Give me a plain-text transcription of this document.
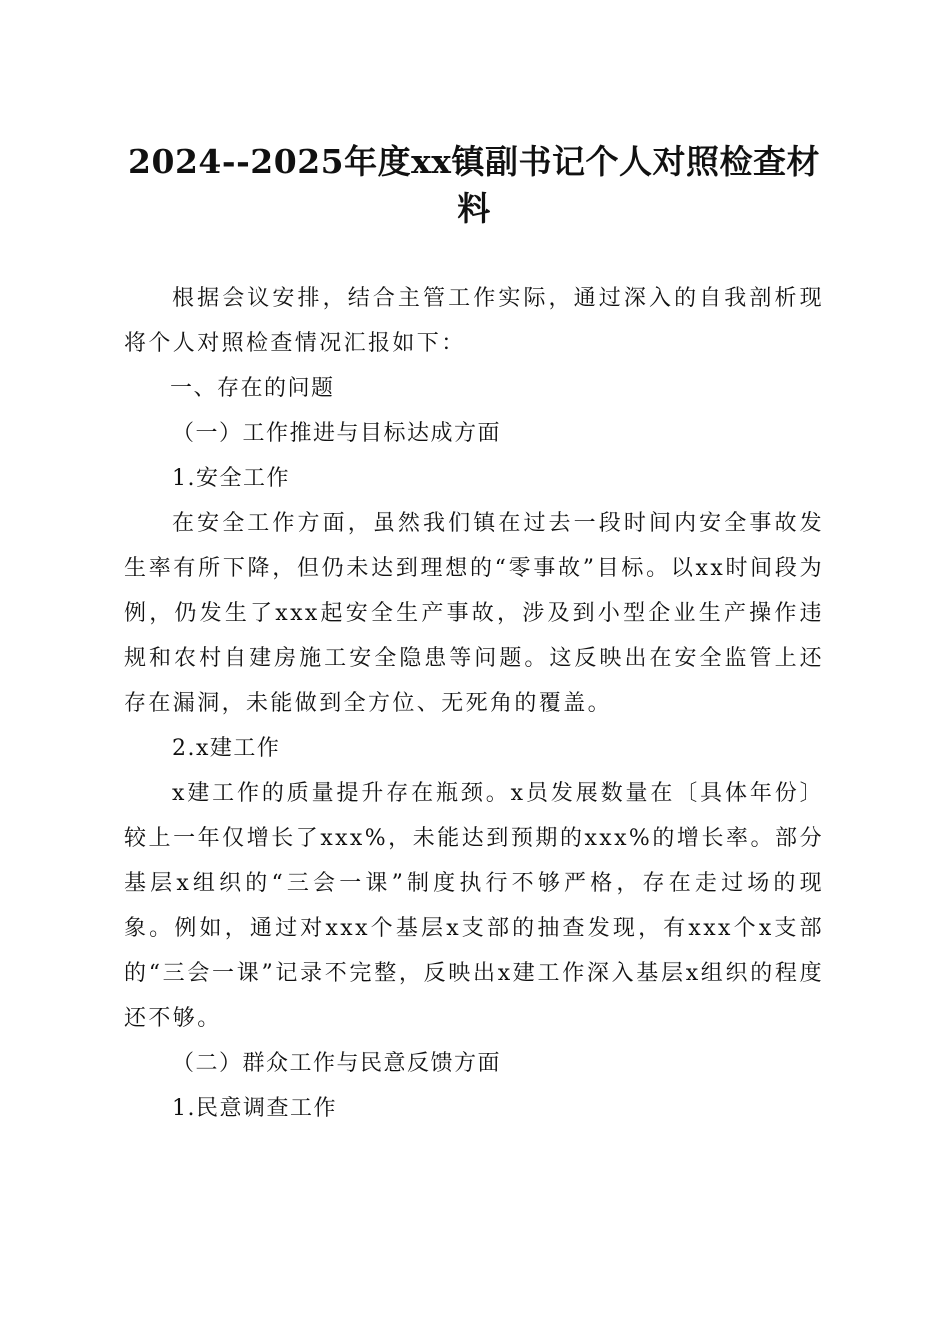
2024--2025年度xx镇副书记个人对照检查材料

根据会议安排，结合主管工作实际，通过深入的自我剖析现将个人对照检查情况汇报如下：

一、存在的问题

（一）工作推进与目标达成方面

1.安全工作

在安全工作方面，虽然我们镇在过去一段时间内安全事故发生率有所下降，但仍未达到理想的“零事故”目标。以xx时间段为例，仍发生了xxx起安全生产事故，涉及到小型企业生产操作违规和农村自建房施工安全隐患等问题。这反映出在安全监管上还存在漏洞，未能做到全方位、无死角的覆盖。

2.x建工作

x建工作的质量提升存在瓶颈。x员发展数量在〔具体年份〕较上一年仅增长了xxx%，未能达到预期的xxx%的增长率。部分基层x组织的“三会一课”制度执行不够严格，存在走过场的现象。例如，通过对xxx个基层x支部的抽查发现，有xxx个x支部的“三会一课”记录不完整，反映出x建工作深入基层x组织的程度还不够。

（二）群众工作与民意反馈方面

1.民意调查工作
